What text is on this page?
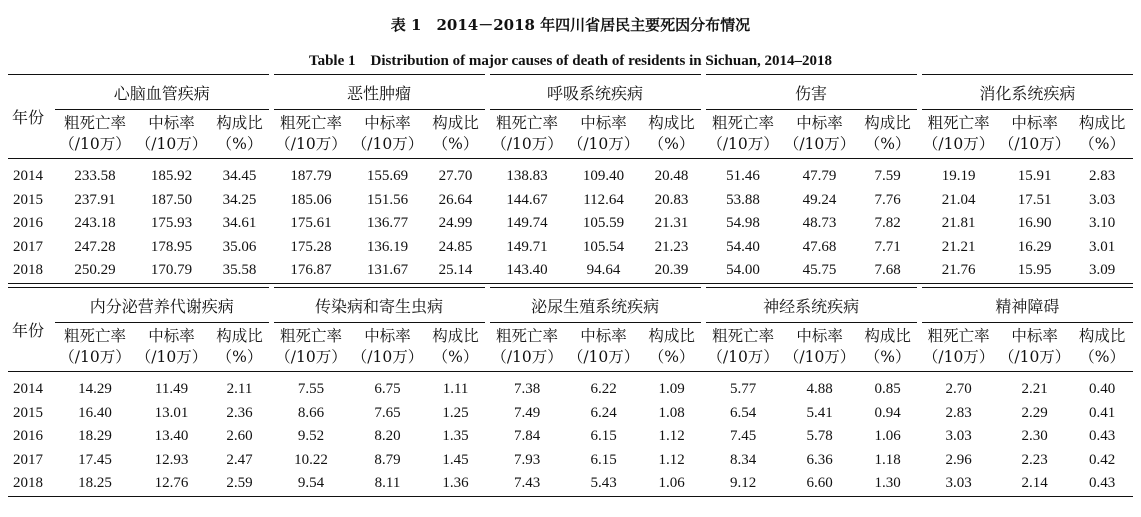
表 1　2014－2018 年四川省居民主要死因分布情况
Table 1　Distribution of major causes of death of residents in Sichuan, 2014–2018
年份	心脑血管疾病			恶性肿瘤			呼吸系统疾病			伤害			消化系统疾病		

	粗死亡率
（/10万）	中标率
（/10万）	构成比
（%）	粗死亡率
（/10万）	中标率
（/10万）	构成比
（%）	粗死亡率
（/10万）	中标率
（/10万）	构成比
（%）	粗死亡率
（/10万）	中标率
（/10万）	构成比
（%）	粗死亡率
（/10万）	中标率
（/10万）	构成比
（%）

2014	233.58	185.92	34.45	187.79	155.69	27.70	138.83	109.40	20.48	51.46	47.79	7.59	19.19	15.91	2.83
2015	237.91	187.50	34.25	185.06	151.56	26.64	144.67	112.64	20.83	53.88	49.24	7.76	21.04	17.51	3.03
2016	243.18	175.93	34.61	175.61	136.77	24.99	149.74	105.59	21.31	54.98	48.73	7.82	21.81	16.90	3.10
2017	247.28	178.95	35.06	175.28	136.19	24.85	149.71	105.54	21.23	54.40	47.68	7.71	21.21	16.29	3.01
2018	250.29	170.79	35.58	176.87	131.67	25.14	143.40	94.64	20.39	54.00	45.75	7.68	21.76	15.95	3.09
年份	内分泌营养代谢疾病			传染病和寄生虫病			泌尿生殖系统疾病			神经系统疾病			精神障碍		

	粗死亡率
（/10万）	中标率
（/10万）	构成比
（%）	粗死亡率
（/10万）	中标率
（/10万）	构成比
（%）	粗死亡率
（/10万）	中标率
（/10万）	构成比
（%）	粗死亡率
（/10万）	中标率
（/10万）	构成比
（%）	粗死亡率
（/10万）	中标率
（/10万）	构成比
（%）

2014	14.29	11.49	2.11	7.55	6.75	1.11	7.38	6.22	1.09	5.77	4.88	0.85	2.70	2.21	0.40
2015	16.40	13.01	2.36	8.66	7.65	1.25	7.49	6.24	1.08	6.54	5.41	0.94	2.83	2.29	0.41
2016	18.29	13.40	2.60	9.52	8.20	1.35	7.84	6.15	1.12	7.45	5.78	1.06	3.03	2.30	0.43
2017	17.45	12.93	2.47	10.22	8.79	1.45	7.93	6.15	1.12	8.34	6.36	1.18	2.96	2.23	0.42
2018	18.25	12.76	2.59	9.54	8.11	1.36	7.43	5.43	1.06	9.12	6.60	1.30	3.03	2.14	0.43
